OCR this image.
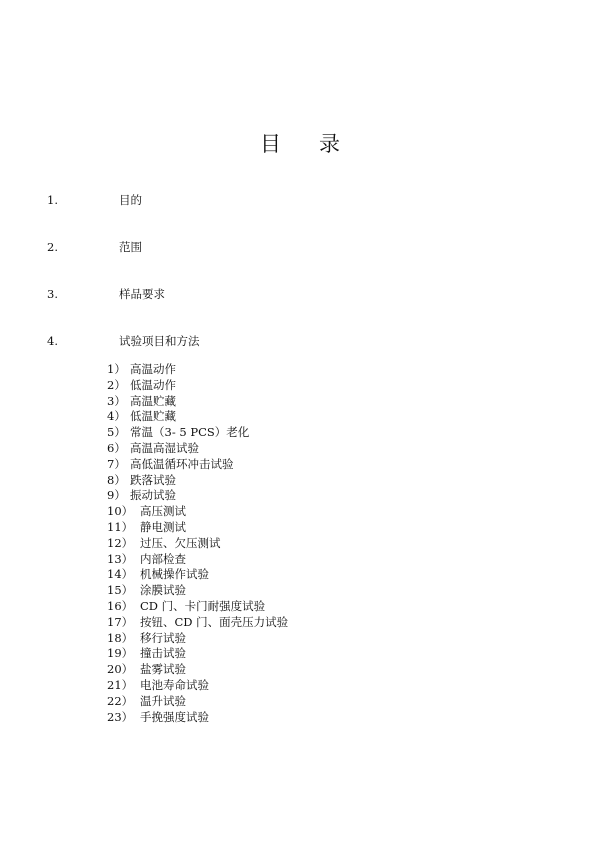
目录
1.	目的
2.	范围
3.	样品要求
4.	试验项目和方法
1） 高温动作
2） 低温动作
3） 高温贮藏
4） 低温贮藏
5） 常温（3- 5 PCS）老化
6） 高温高湿试验
7） 高低温循环冲击试验
8） 跌落试验
9） 振动试验
10） 高压测试
11） 静电测试
12） 过压、欠压测试
13） 内部检查
14） 机械操作试验
15） 涂膜试验
16） CD 门、卡门耐强度试验
17） 按钮、CD 门、面壳压力试验
18） 移行试验
19） 撞击试验
20） 盐雾试验
21） 电池寿命试验
22） 温升试验
23） 手挽强度试验
